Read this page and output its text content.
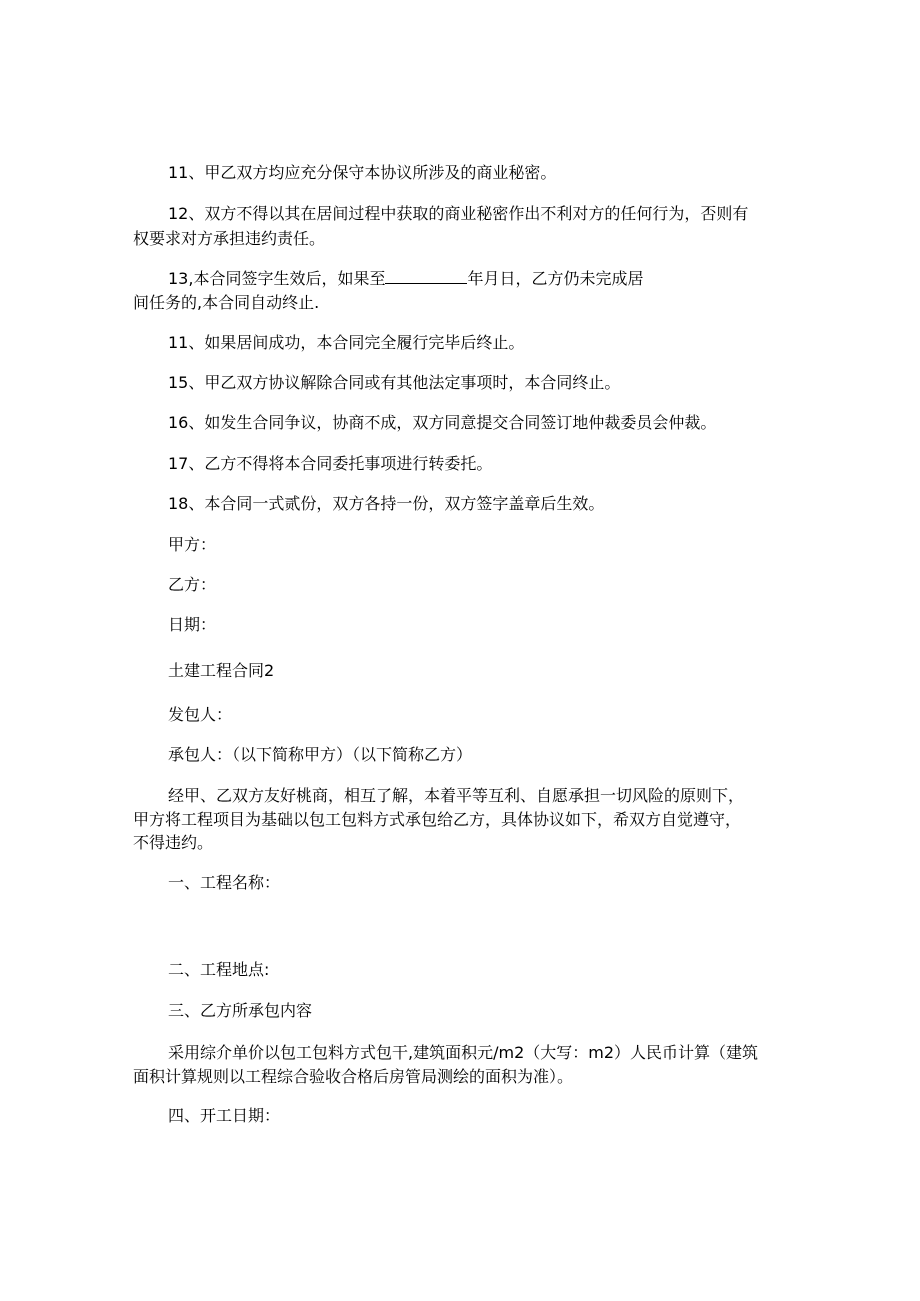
11、甲乙双方均应充分保守本协议所涉及的商业秘密。
12、双方不得以其在居间过程中获取的商业秘密作出不利对方的任何行为，否则有
权要求对方承担违约责任。
13,本合同签字生效后，如果至	年月日，乙方仍未完成居
间任务的,本合同自动终止.
11、如果居间成功，本合同完全履行完毕后终止。
15、甲乙双方协议解除合同或有其他法定事项时，本合同终止。
16、如发生合同争议，协商不成，双方同意提交合同签订地仲裁委员会仲裁。
17、乙方不得将本合同委托事项进行转委托。
18、本合同一式贰份，双方各持一份，双方签字盖章后生效。
甲方：
乙方：
日期：
土建工程合同2
发包人：
承包人：（以下简称甲方）（以下简称乙方）
经甲、乙双方友好桃商，相互了解，本着平等互利、自愿承担一切风险的原则下，
甲方将工程项目为基础以包工包料方式承包给乙方，具体协议如下，希双方自觉遵守，
不得违约。
一、工程名称：
二、工程地点:
三、乙方所承包内容
采用综介单价以包工包料方式包干,建筑面积元/m2（大写：m2）人民币计算（建筑
面积计算规则以工程综合验收合格后房管局测绘的面积为准）。
四、开工日期：
